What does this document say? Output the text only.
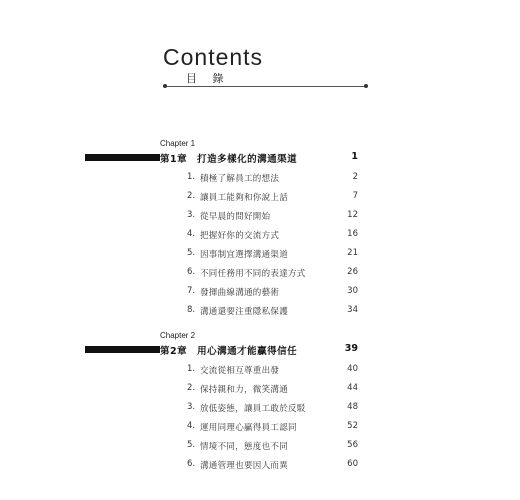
Contents
目 錄
Chapter 1
第1章　打造多樣化的溝通渠道	1
1. 積極了解員工的想法	2
2. 讓員工能夠和你說上話	7
3. 從早晨的問好開始	12
4. 把握好你的交流方式	16
5. 因事制宜選擇溝通渠道	21
6. 不同任務用不同的表達方式	26
7. 發揮曲線溝通的藝術	30
8. 溝通還要注重隱私保護	34
Chapter 2
第2章　用心溝通才能贏得信任	39
1. 交流從相互尊重出發	40
2. 保持親和力，微笑溝通	44
3. 放低姿態，讓員工敢於反駁	48
4. 運用同理心贏得員工認同	52
5. 情境不同，態度也不同	56
6. 溝通管理也要因人而異	60
